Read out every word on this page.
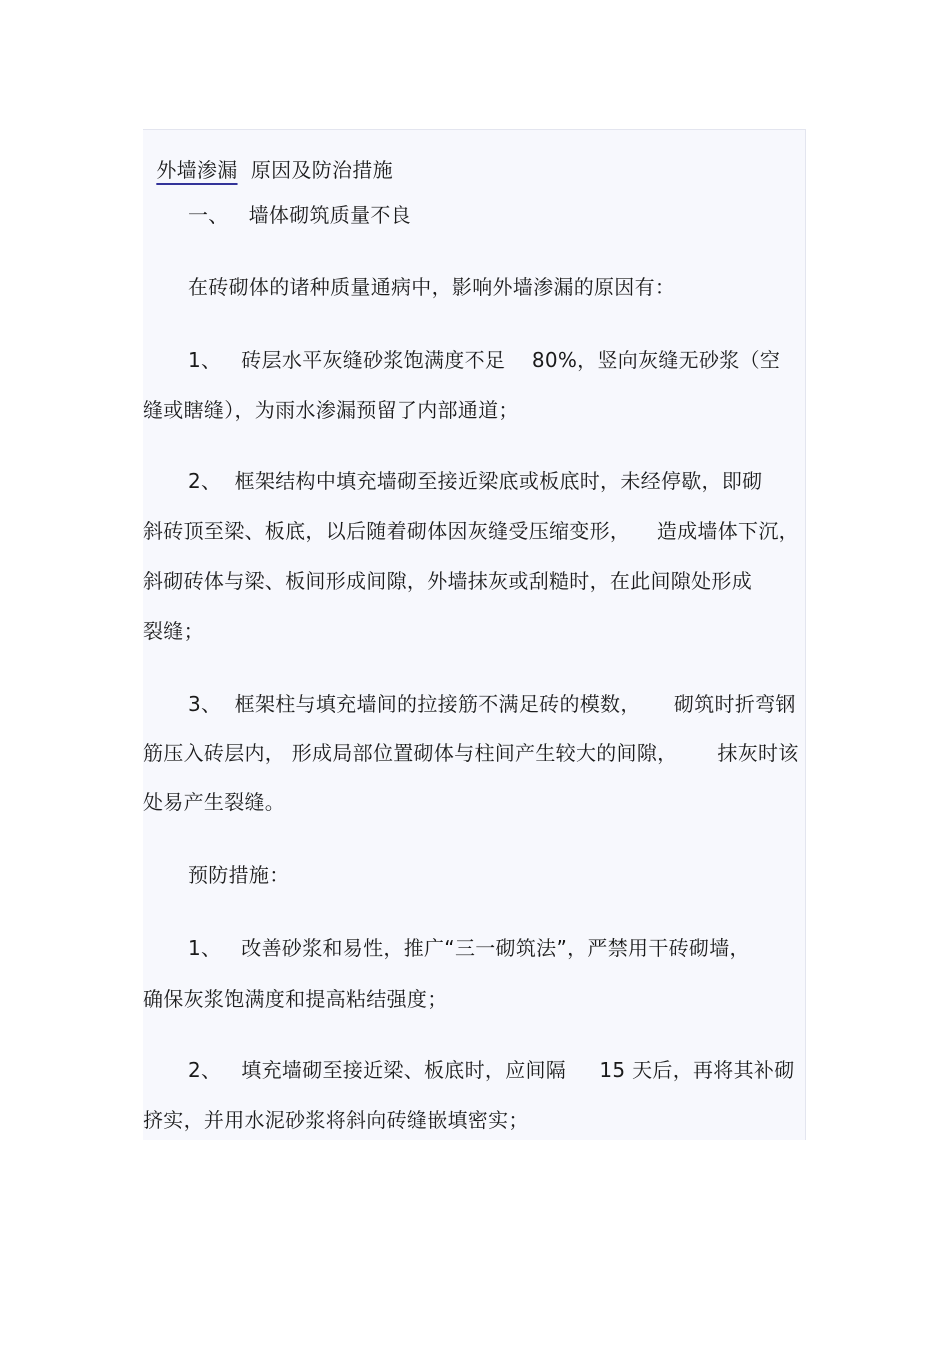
外墙渗漏  原因及防治措施

一、   墙体砌筑质量不良
在砖砌体的诸种质量通病中，影响外墙渗漏的原因有：
1、   砖层水平灰缝砂浆饱满度不足    80%，竖向灰缝无砂浆（空
缝或瞎缝），为雨水渗漏预留了内部通道；
2、  框架结构中填充墙砌至接近梁底或板底时，未经停歇，即砌
斜砖顶至梁、板底，以后随着砌体因灰缝受压缩变形，    造成墙体下沉，
斜砌砖体与梁、板间形成间隙，外墙抹灰或刮糙时，在此间隙处形成
裂缝；
3、  框架柱与填充墙间的拉接筋不满足砖的模数，     砌筑时折弯钢
筋压入砖层内， 形成局部位置砌体与柱间产生较大的间隙，      抹灰时该
处易产生裂缝。
预防措施：
1、   改善砂浆和易性，推广“三一砌筑法”，严禁用干砖砌墙，
确保灰浆饱满度和提高粘结强度；
2、   填充墙砌至接近梁、板底时，应间隔     15 天后，再将其补砌
挤实，并用水泥砂浆将斜向砖缝嵌填密实；
